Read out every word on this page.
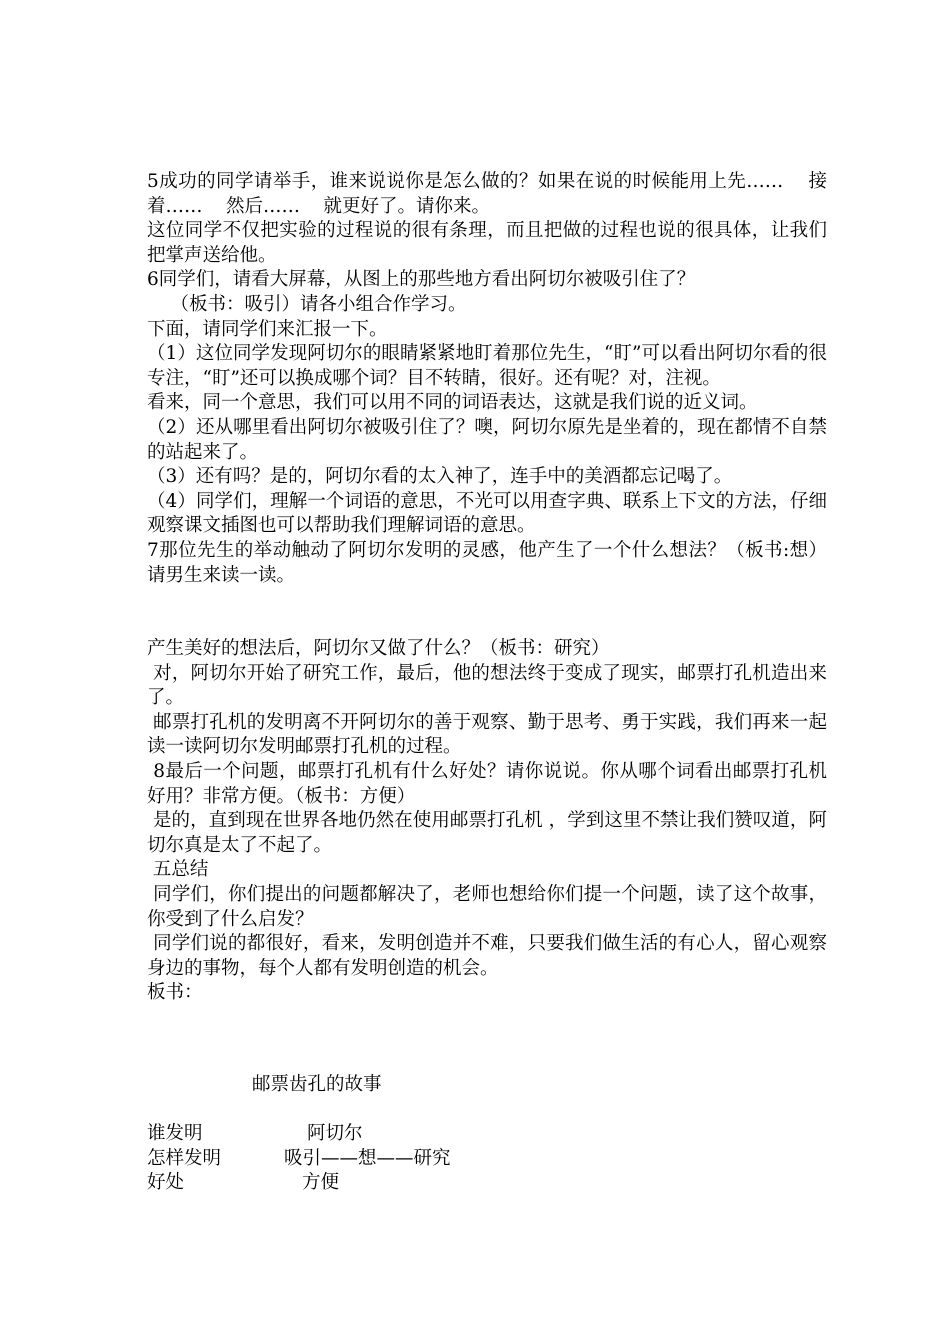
5成功的同学请举手，谁来说说你是怎么做的？如果在说的时候能用上先……    接着……    然后……    就更好了。请你来。

这位同学不仅把实验的过程说的很有条理，而且把做的过程也说的很具体，让我们把掌声送给他。

6同学们，请看大屏幕，从图上的那些地方看出阿切尔被吸引住了？

（板书：吸引）请各小组合作学习。

下面，请同学们来汇报一下。

（1）这位同学发现阿切尔的眼睛紧紧地盯着那位先生，“盯”可以看出阿切尔看的很专注，“盯”还可以换成哪个词？目不转睛，很好。还有呢？对，注视。

看来，同一个意思，我们可以用不同的词语表达，这就是我们说的近义词。

（2）还从哪里看出阿切尔被吸引住了？噢，阿切尔原先是坐着的，现在都情不自禁的站起来了。

（3）还有吗？是的，阿切尔看的太入神了，连手中的美酒都忘记喝了。

（4）同学们，理解一个词语的意思，不光可以用查字典、联系上下文的方法，仔细观察课文插图也可以帮助我们理解词语的意思。

7那位先生的举动触动了阿切尔发明的灵感，他产生了一个什么想法？（板书:想）请男生来读一读。

产生美好的想法后，阿切尔又做了什么？（板书：研究）

对，阿切尔开始了研究工作，最后，他的想法终于变成了现实，邮票打孔机造出来了。

邮票打孔机的发明离不开阿切尔的善于观察、勤于思考、勇于实践，我们再来一起读一读阿切尔发明邮票打孔机的过程。

8最后一个问题，邮票打孔机有什么好处？请你说说。你从哪个词看出邮票打孔机好用？非常方便。（板书：方便）

是的，直到现在世界各地仍然在使用邮票打孔机 ，学到这里不禁让我们赞叹道，阿切尔真是太了不起了。

五总结

同学们，你们提出的问题都解决了，老师也想给你们提一个问题，读了这个故事，你受到了什么启发？

同学们说的都很好，看来，发明创造并不难，只要我们做生活的有心人，留心观察身边的事物，每个人都有发明创造的机会。

板书：

邮票齿孔的故事

谁发明

	阿切尔

怎样发明

	吸引——想——研究

好处

	方便
